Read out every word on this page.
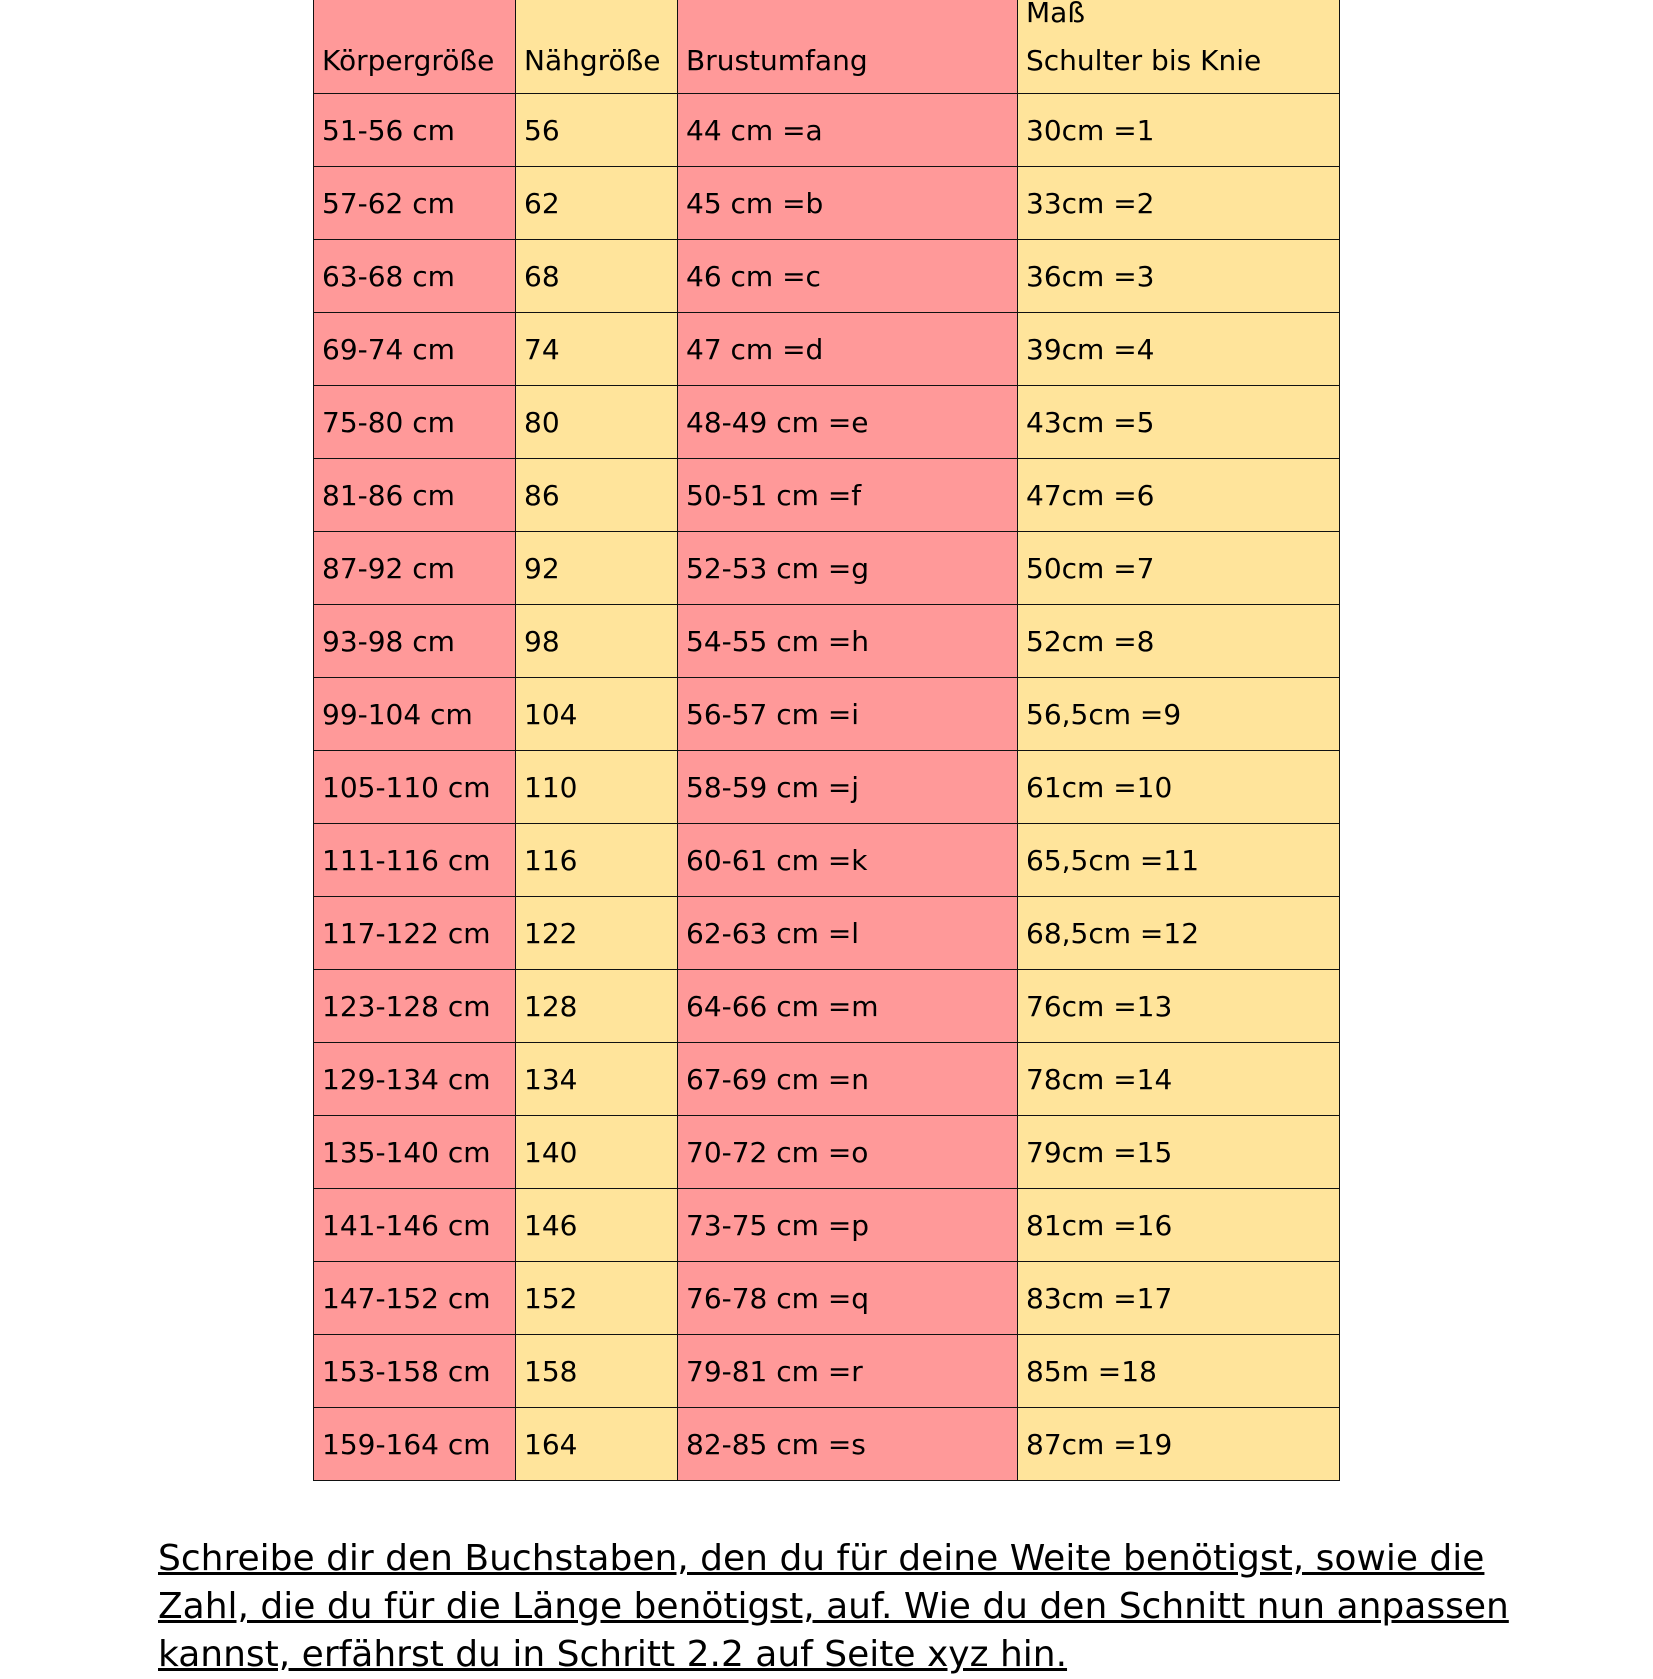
Körpergröße	Nähgröße	Brustumfang	Maß
Schulter bis Knie

51-56 cm	56	44 cm =a	30cm =1
57-62 cm	62	45 cm =b	33cm =2
63-68 cm	68	46 cm =c	36cm =3
69-74 cm	74	47 cm =d	39cm =4
75-80 cm	80	48-49 cm =e	43cm =5
81-86 cm	86	50-51 cm =f	47cm =6
87-92 cm	92	52-53 cm =g	50cm =7
93-98 cm	98	54-55 cm =h	52cm =8
99-104 cm	104	56-57 cm =i	56,5cm =9
105-110 cm	110	58-59 cm =j	61cm =10
111-116 cm	116	60-61 cm =k	65,5cm =11
117-122 cm	122	62-63 cm =l	68,5cm =12
123-128 cm	128	64-66 cm =m	76cm =13
129-134 cm	134	67-69 cm =n	78cm =14
135-140 cm	140	70-72 cm =o	79cm =15
141-146 cm	146	73-75 cm =p	81cm =16
147-152 cm	152	76-78 cm =q	83cm =17
153-158 cm	158	79-81 cm =r	85m =18
159-164 cm	164	82-85 cm =s	87cm =19

Schreibe dir den Buchstaben, den du für deine Weite benötigst, sowie die Zahl, die du für die Länge benötigst, auf. Wie du den Schnitt nun anpassen kannst, erfährst du in Schritt 2.2 auf Seite xyz hin.
